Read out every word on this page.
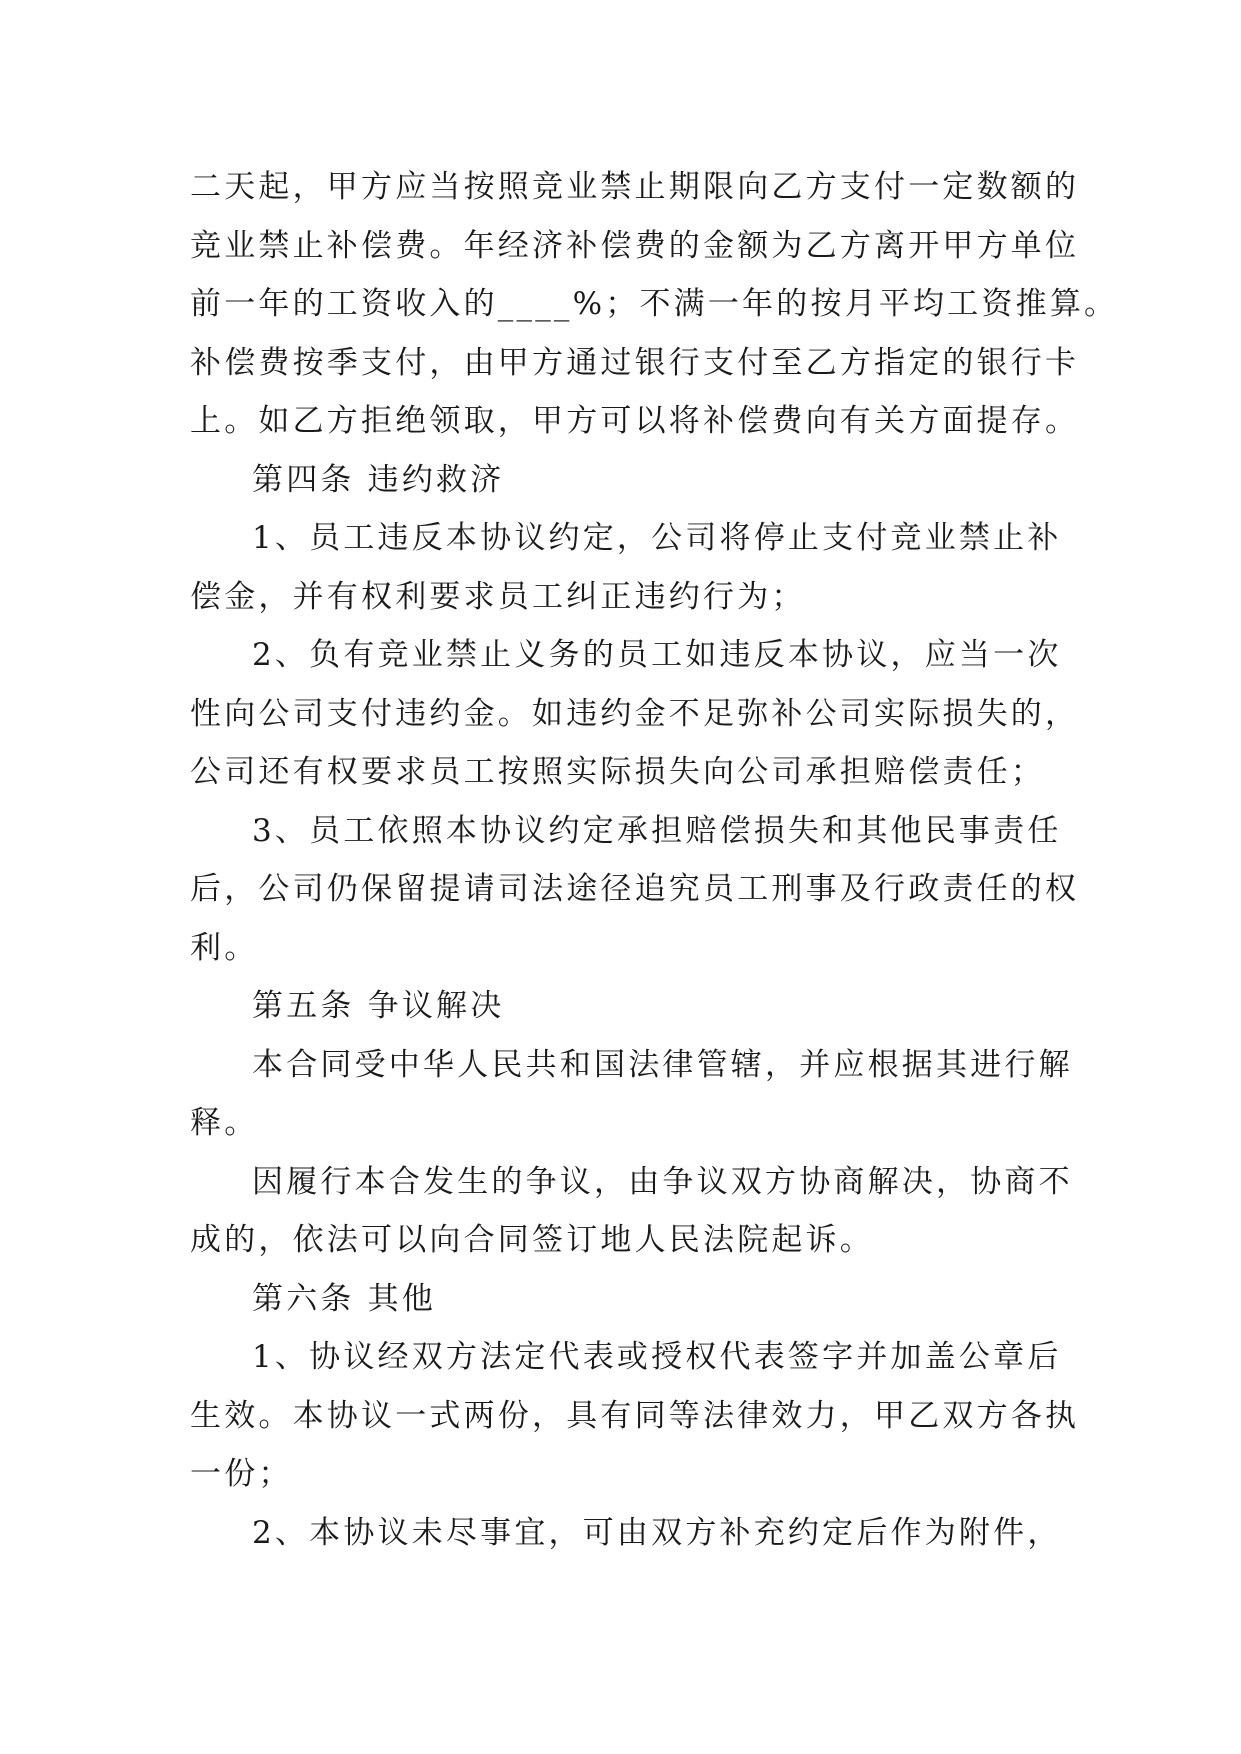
二天起，甲方应当按照竞业禁止期限向乙方支付一定数额的
竞业禁止补偿费。年经济补偿费的金额为乙方离开甲方单位
前一年的工资收入的____%；不满一年的按月平均工资推算。
补偿费按季支付，由甲方通过银行支付至乙方指定的银行卡
上。如乙方拒绝领取，甲方可以将补偿费向有关方面提存。
第四条 违约救济
1、员工违反本协议约定，公司将停止支付竞业禁止补
偿金，并有权利要求员工纠正违约行为；
2、负有竞业禁止义务的员工如违反本协议，应当一次
性向公司支付违约金。如违约金不足弥补公司实际损失的，
公司还有权要求员工按照实际损失向公司承担赔偿责任；
3、员工依照本协议约定承担赔偿损失和其他民事责任
后，公司仍保留提请司法途径追究员工刑事及行政责任的权
利。
第五条 争议解决
本合同受中华人民共和国法律管辖，并应根据其进行解
释。
因履行本合发生的争议，由争议双方协商解决，协商不
成的，依法可以向合同签订地人民法院起诉。
第六条 其他
1、协议经双方法定代表或授权代表签字并加盖公章后
生效。本协议一式两份，具有同等法律效力，甲乙双方各执
一份；
2、本协议未尽事宜，可由双方补充约定后作为附件，
